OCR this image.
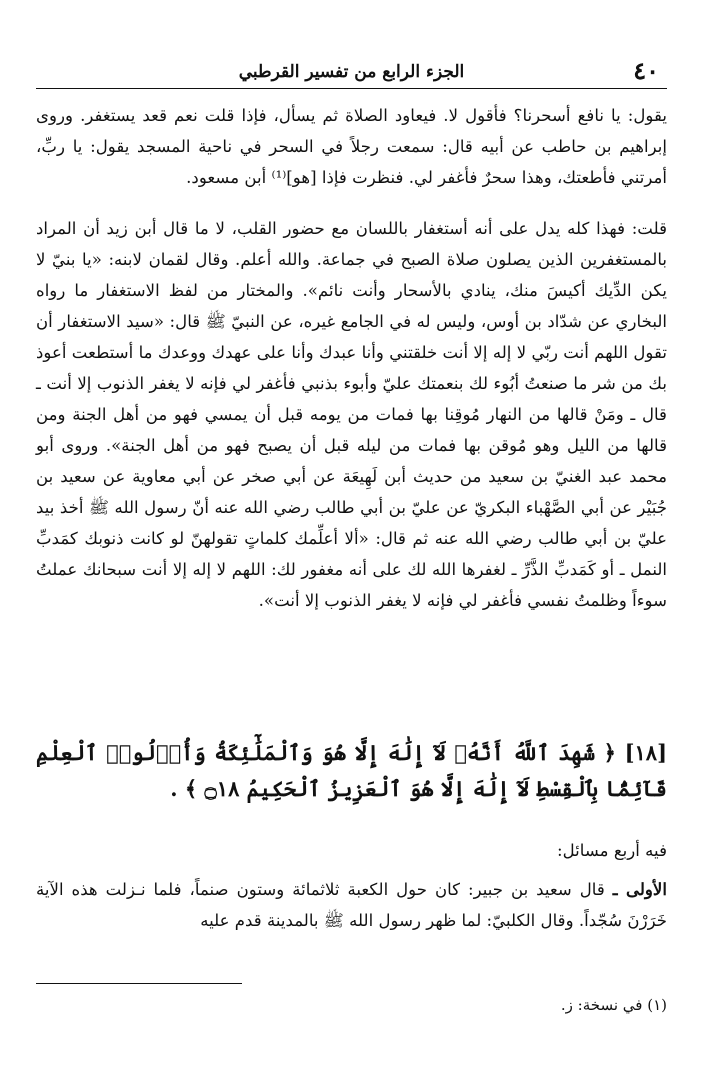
٤٠
الجزء الرابع من تفسير القرطبي

يقول: يا نافع أسحرنا؟ فأقول لا. فيعاود الصلاة ثم يسأل، فإذا قلت نعم قعد يستغفر. وروى إبراهيم بن حاطب عن أبيه قال: سمعت رجلاً في السحر في ناحية المسجد يقول: يا ربِّ، أمرتني فأطعتك، وهذا سحرٌ فأغفر لي. فنظرت فإذا [هو]⁽¹⁾ أبن مسعود.

قلت: فهذا كله يدل على أنه أستغفار باللسان مع حضور القلب، لا ما قال أبن زيد أن المراد بالمستغفرين الذين يصلون صلاة الصبح في جماعة. والله أعلم. وقال لقمان لابنه: «يا بنيّ لا يكن الدِّيك أكيسَ منك، ينادي بالأسحار وأنت نائم». والمختار من لفظ الاستغفار ما رواه البخاري عن شدّاد بن أوس، وليس له في الجامع غيره، عن النبيّ ﷺ قال: «سيد الاستغفار أن تقول اللهم أنت ربّي لا إله إلا أنت خلقتني وأنا عبدك وأنا على عهدك ووعدك ما أستطعت أعوذ بك من شر ما صنعتُ أبُوء لك بنعمتك عليّ وأبوء بذنبي فأغفر لي فإنه لا يغفر الذنوب إلا أنت ـ قال ـ ومَنْ قالها من النهار مُوقِنا بها فمات من يومه قبل أن يمسي فهو من أهل الجنة ومن قالها من الليل وهو مُوقن بها فمات من ليله قبل أن يصبح فهو من أهل الجنة». وروى أبو محمد عبد الغنيّ بن سعيد من حديث أبن لَهِيعَة عن أبي صخر عن أبي معاوية عن سعيد بن جُبَيْر عن أبي الصَّهْباء البكريّ عن عليّ بن أبي طالب رضي الله عنه أنّ رسول الله ﷺ أخذ بيد عليّ بن أبي طالب رضي الله عنه ثم قال: «ألا أعلِّمك كلماتٍ تقولهنّ لو كانت ذنوبك كمَدبِّ النمل ـ أو كَمَدبِّ الذَّرِّ ـ لغفرها الله لك على أنه مغفور لك: اللهم لا إله إلا أنت سبحانك عملتُ سوءاً وظلمتُ نفسي فأغفر لي فإنه لا يغفر الذنوب إلا أنت».

[١٨] ﴿ شَهِدَ ٱللَّهُ أَنَّهُۥ لَآ إِلَٰهَ إِلَّا هُوَ وَٱلْمَلَٰٓئِكَةُ وَأُو۟لُوا۟ ٱلْعِلْمِ قَآئِمًۢا بِٱلْقِسْطِ لَآ إِلَٰهَ إِلَّا هُوَ ٱلْعَزِيزُ ٱلْحَكِيمُ ۝١٨ ﴾ .
فيه أربع مسائل:
الأولى ـ قال سعيد بن جبير: كان حول الكعبة ثلاثمائة وستون صنماً، فلما نـزلت هذه الآية خَرَرْنَ سُجّداً. وقال الكلبيّ: لما ظهر رسول الله ﷺ بالمدينة قدم عليه
(١) في نسخة: ز.
